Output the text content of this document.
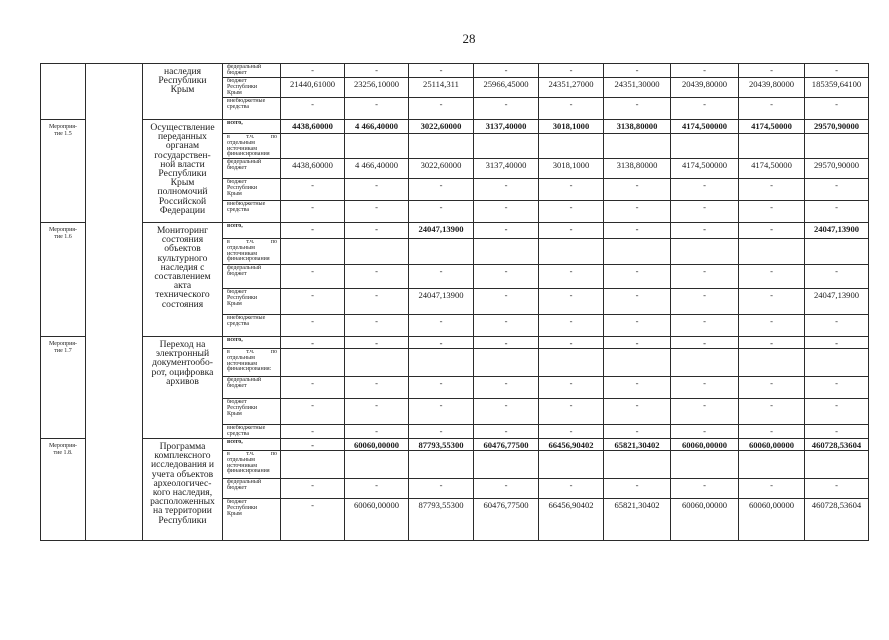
28
наследия
Республики
Крым
федеральный
бюджет	-	-	-	-	-	-	-	-	-
бюджет
Республики
Крым
21440,61000	23256,10000	25114,311	25966,45000	24351,27000	24351,30000	20439,80000	20439,80000	185359,64100
внебюджетные
средства	-	-	-	-	-	-	-	-	-
Мероприя-
тие 1.5
Осуществление
переданных
органам
государствен-
ной власти
Республики
Крым
полномочий
Российской
Федерации
всего,	4438,60000	4 466,40000	3022,60000	3137,40000	3018,1000	3138,80000	4174,500000	4174,50000	29570,90000
в т.ч. по
отдельным
источникам
финансирования
федеральный
бюджет	4438,60000	4 466,40000	3022,60000	3137,40000	3018,1000	3138,80000	4174,500000	4174,50000	29570,90000
бюджет
Республики
Крым
-	-	-	-	-	-	-	-	-
внебюджетные
средства	-	-	-	-	-	-	-	-	-
Мероприя-
тие 1.6
Мониторинг
состояния
объектов
культурного
наследия с
составлением
акта
технического
состояния
всего,	-	-	24047,13900	-	-	-	-	-	24047,13900
в т.ч. по
отдельным
источникам
финансирования
федеральный
бюджет	-	-	-	-	-	-	-	-	-
бюджет
Республики
Крым
-	-	24047,13900	-	-	-	-	-	24047,13900
внебюджетные
средства	-	-	-	-	-	-	-	-	-
Мероприя-
тие 1.7
Переход на
электронный
документообо-
рот, оцифровка
архивов
всего,	-	-	-	-	-	-	-	-	-
в т.ч. по
отдельным
источникам
финансирования:
федеральный
бюджет	-	-	-	-	-	-	-	-	-
бюджет
Республики
Крым
-	-	-	-	-	-	-	-	-
внебюджетные
средства	-	-	-	-	-	-	-	-	-
Мероприя-
тие 1.8.
Программа
комплексного
исследования и
учета объектов
археологичес-
кого наследия,
расположенных
на территории
Республики
всего,	-	60060,00000	87793,55300	60476,77500	66456,90402	65821,30402	60060,00000	60060,00000	460728,53604
в т.ч. по
отдельным
источникам
финансирования
федеральный
бюджет	-	-	-	-	-	-	-	-	-
бюджет
Республики
Крым
-	60060,00000	87793,55300	60476,77500	66456,90402	65821,30402	60060,00000	60060,00000	460728,53604
